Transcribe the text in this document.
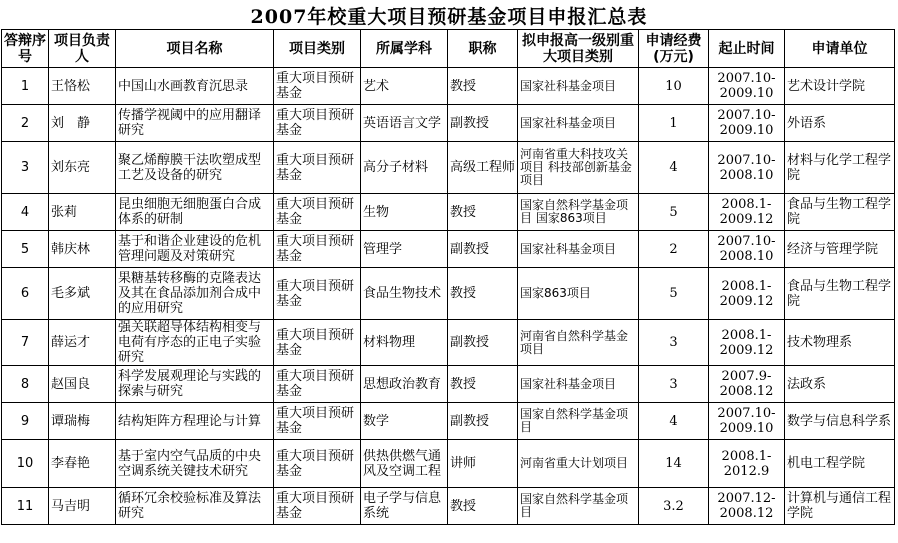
2007年校重大项目预研基金项目申报汇总表
答辩序号	项目负责人	项目名称	项目类别	所属学科	职称	拟申报高一级别重大项目类别	申请经费(万元)	起止时间	申请单位
1	王恪松	中国山水画教育沉思录	重大项目预研基金	艺术	教授	国家社科基金项目	10	2007.10-2009.10	艺术设计学院
2	刘　静	传播学视阈中的应用翻译研究	重大项目预研基金	英语语言文学	副教授	国家社科基金项目	1	2007.10-2009.10	外语系
3	刘东亮	聚乙烯醇膜干法吹塑成型工艺及设备的研究	重大项目预研基金	高分子材料	高级工程师	河南省重大科技攻关项目 科技部创新基金项目	4	2007.10-2008.10	材料与化学工程学院
4	张莉	昆虫细胞无细胞蛋白合成体系的研制	重大项目预研基金	生物	教授	国家自然科学基金项目 国家863项目	5	2008.1-2009.12	食品与生物工程学院
5	韩庆林	基于和谐企业建设的危机管理问题及对策研究	重大项目预研基金	管理学	副教授	国家社科基金项目	2	2007.10-2008.10	经济与管理学院
6	毛多斌	果糖基转移酶的克隆表达及其在食品添加剂合成中的应用研究	重大项目预研基金	食品生物技术	教授	国家863项目	5	2008.1-2009.12	食品与生物工程学院
7	薛运才	强关联超导体结构相变与电荷有序态的正电子实验研究	重大项目预研基金	材料物理	副教授	河南省自然科学基金项目	3	2008.1-2009.12	技术物理系
8	赵国良	科学发展观理论与实践的探索与研究	重大项目预研基金	思想政治教育	教授	国家社科基金项目	3	2007.9-2008.12	法政系
9	谭瑞梅	结构矩阵方程理论与计算	重大项目预研基金	数学	副教授	国家自然科学基金项目	4	2007.10-2009.10	数学与信息科学系
10	李春艳	基于室内空气品质的中央空调系统关键技术研究	重大项目预研基金	供热供燃气通风及空调工程	讲师	河南省重大计划项目	14	2008.1-2012.9	机电工程学院
11	马吉明	循环冗余校验标准及算法研究	重大项目预研基金	电子学与信息系统	教授	国家自然科学基金项目	3.2	2007.12-2008.12	计算机与通信工程学院
